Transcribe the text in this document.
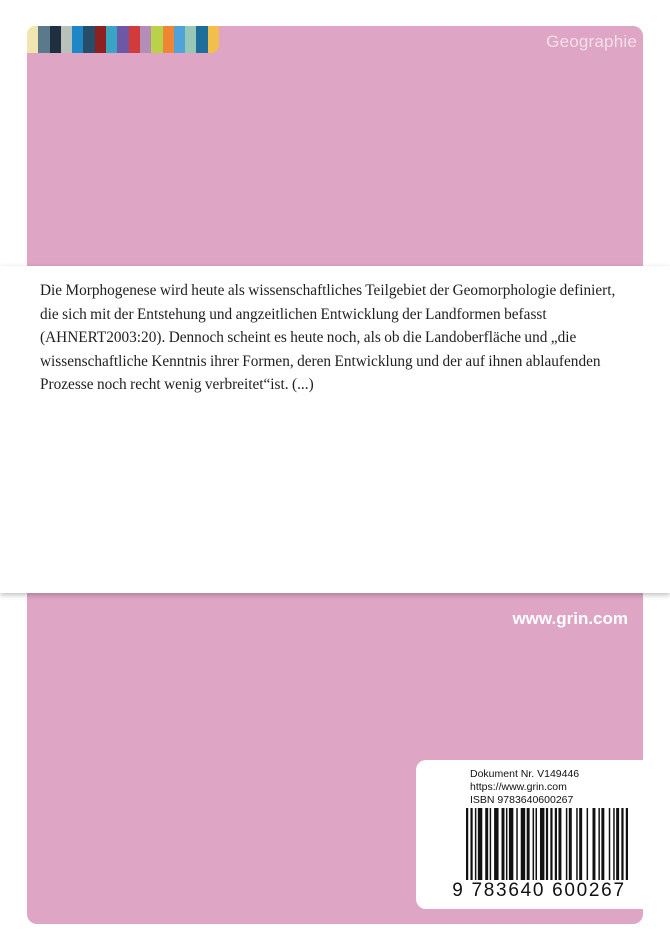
Geographie

Die Morphogenese wird heute als wissenschaftliches Teilgebiet der Geomorphologie definiert, die sich mit der Entstehung und angzeitlichen Entwicklung der Landformen befasst (AHNERT2003:20). Dennoch scheint es heute noch, als ob die Landoberfläche und „die wissenschaftliche Kenntnis ihrer Formen, deren Entwicklung und der auf ihnen ablaufenden Prozesse noch recht wenig verbreitet“ist. (...)

www.grin.com
Dokument Nr. V149446
https://www.grin.com
ISBN 9783640600267
9 783640 600267
